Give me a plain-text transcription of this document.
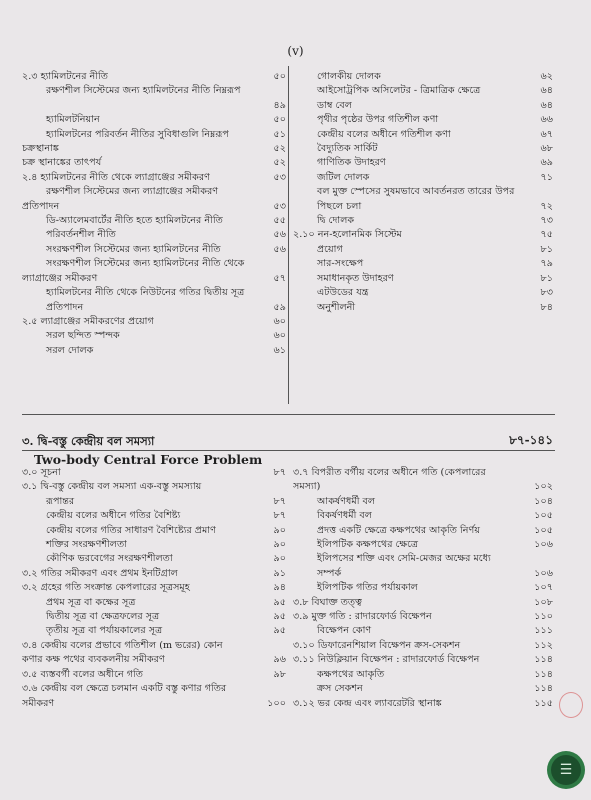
(v)
২.৩ হ্যামিলটনের নীতি	৫০
রক্ষণশীল সিস্টেমের জন্য হ্যামিলটনের নীতি নিম্নরূপ
৪৯
হ্যামিলটনিয়ান	৫০
হ্যামিলটনের পরিবর্তন নীতির সুবিধাগুলি নিম্নরূপ	৫১
চক্রস্থানাঙ্ক	৫২
চক্র স্থানাঙ্কের তাৎপর্য	৫২
২.৪ হ্যামিলটনের নীতি থেকে ল্যাগ্রাঞ্জের সমীকরণ	৫৩
রক্ষণশীল সিস্টেমের জন্য ল্যাগ্রাঞ্জের সমীকরণ
প্রতিপাদন	৫৩
ডি-অ্যালেমবার্টের নীতি হতে হ্যামিলটনের নীতি	৫৫
পরিবর্তনশীল নীতি	৫৬
সংরক্ষণশীল সিস্টেমের জন্য হ্যামিলটনের নীতি	৫৬
সংরক্ষণশীল সিস্টেমের জন্য হ্যামিলটনের নীতি থেকে
ল্যাগ্রাঞ্জের সমীকরণ	৫৭
হ্যামিলটনের নীতি থেকে নিউটনের গতির দ্বিতীয় সূত্র
প্রতিপাদন	৫৯
২.৫ ল্যাগ্রাঞ্জের সমীকরণের প্রয়োগ	৬০
সরল ছন্দিত স্পন্দক	৬০
সরল দোলক	৬১
গোলকীয় দোলক	৬২
আইসোট্রপিক অসিলেটর - ত্রিমাত্রিক ক্ষেত্রে	৬৪
ডাম্ব বেল	৬৪
পৃথীর পৃষ্ঠের উপর গতিশীল কণা	৬৬
কেন্দ্রীয় বলের অধীনে গতিশীল কণা	৬৭
বৈদ্যুতিক সার্কিট	৬৮
গাণিতিক উদাহরণ	৬৯
জটিল দোলক	৭১
বল মুক্ত স্পেসের সুষমভাবে আবর্তনরত তারের উপর
পিছলে চলা	৭২
দ্বি দোলক	৭৩
২.১০ নন-হলোনমিক সিস্টেম	৭৫
প্রয়োগ	৮১
সার-সংক্ষেপ	৭৯
সমাধানকৃত উদাহরণ	৮১
এটউডের যন্ত্র	৮৩
অনুশীলনী	৮৪
৩. দ্বি-বস্তু কেন্দ্রীয় বল সমস্যা	৮৭-১৪১
Two-body Central Force Problem
৩.০ সূচনা	৮৭
৩.১ দ্বি-বস্তু কেন্দ্রীয় বল সমস্যা এক-বস্তু সমস্যায়
রূপান্তর	৮৭
কেন্দ্রীয় বলের অধীনে গতির বৈশিষ্ট্য	৮৭
কেন্দ্রীয় বলের গতির সাধারণ বৈশিষ্ট্যের প্রমাণ	৯০
শক্তির সংরক্ষণশীলতা	৯০
কৌণিক ভরবেগের সংরক্ষণশীলতা	৯০
৩.২ গতির সমীকরণ এবং প্রথম ইনটিগ্রাল	৯১
৩.২ গ্রহের গতি সংক্রান্ত কেপলারের সূত্রসমূহ	৯৪
প্রথম সূত্র বা কক্ষের সূত্র	৯৫
দ্বিতীয় সূত্র বা ক্ষেত্রফলের সূত্র	৯৫
তৃতীয় সূত্র বা পর্যায়কালের সূত্র	৯৫
৩.৪ কেন্দ্রীয় বলের প্রভাবে গতিশীল (m ভরের) কোন
কণার কক্ষ পথের ব্যবকলনীয় সমীকরণ	৯৬
৩.৫ ব্যস্তবর্গী বলের অধীনে গতি	৯৮
৩.৬ কেন্দ্রীয় বল ক্ষেত্রে চলমান একটি বস্তু কণার গতির
সমীকরণ	১০০
৩.৭ বিপরীত বর্গীয় বলের অধীনে গতি (কেপলারের
সমস্যা)	১০২
আকর্ষণধর্মী বল	১০৪
বিকর্ষণধর্মী বল	১০৫
প্রদত্ত একটি ক্ষেত্রে কক্ষপথের আকৃতি নির্ণয়	১০৫
ইলিপটিক কক্ষপথের ক্ষেত্রে	১০৬
ইলিপসের শক্তি এবং সেমি-মেজর অক্ষের মধ্যে
সম্পর্ক	১০৬
ইলিপটিক গতির পর্যায়কাল	১০৭
৩.৮ বিঘাক্ত তত্ত্ব	১০৮
৩.৯ মুক্ত গতি : রাদারফোর্ড বিক্ষেপন	১১০
বিক্ষেপন কোণ	১১১
৩.১০ ডিফারেনশিয়াল বিক্ষেপন ক্রস-সেকশন	১১২
৩.১১ নিউক্লিয়ান বিক্ষেপন : রাদারফোর্ড বিক্ষেপন	১১৪
কক্ষপথের আকৃতি	১১৪
ক্রস সেকশন	১১৪
৩.১২ ভর কেন্দ্র এবং ল্যাবরেটরি স্থানাঙ্ক	১১৫
☰
